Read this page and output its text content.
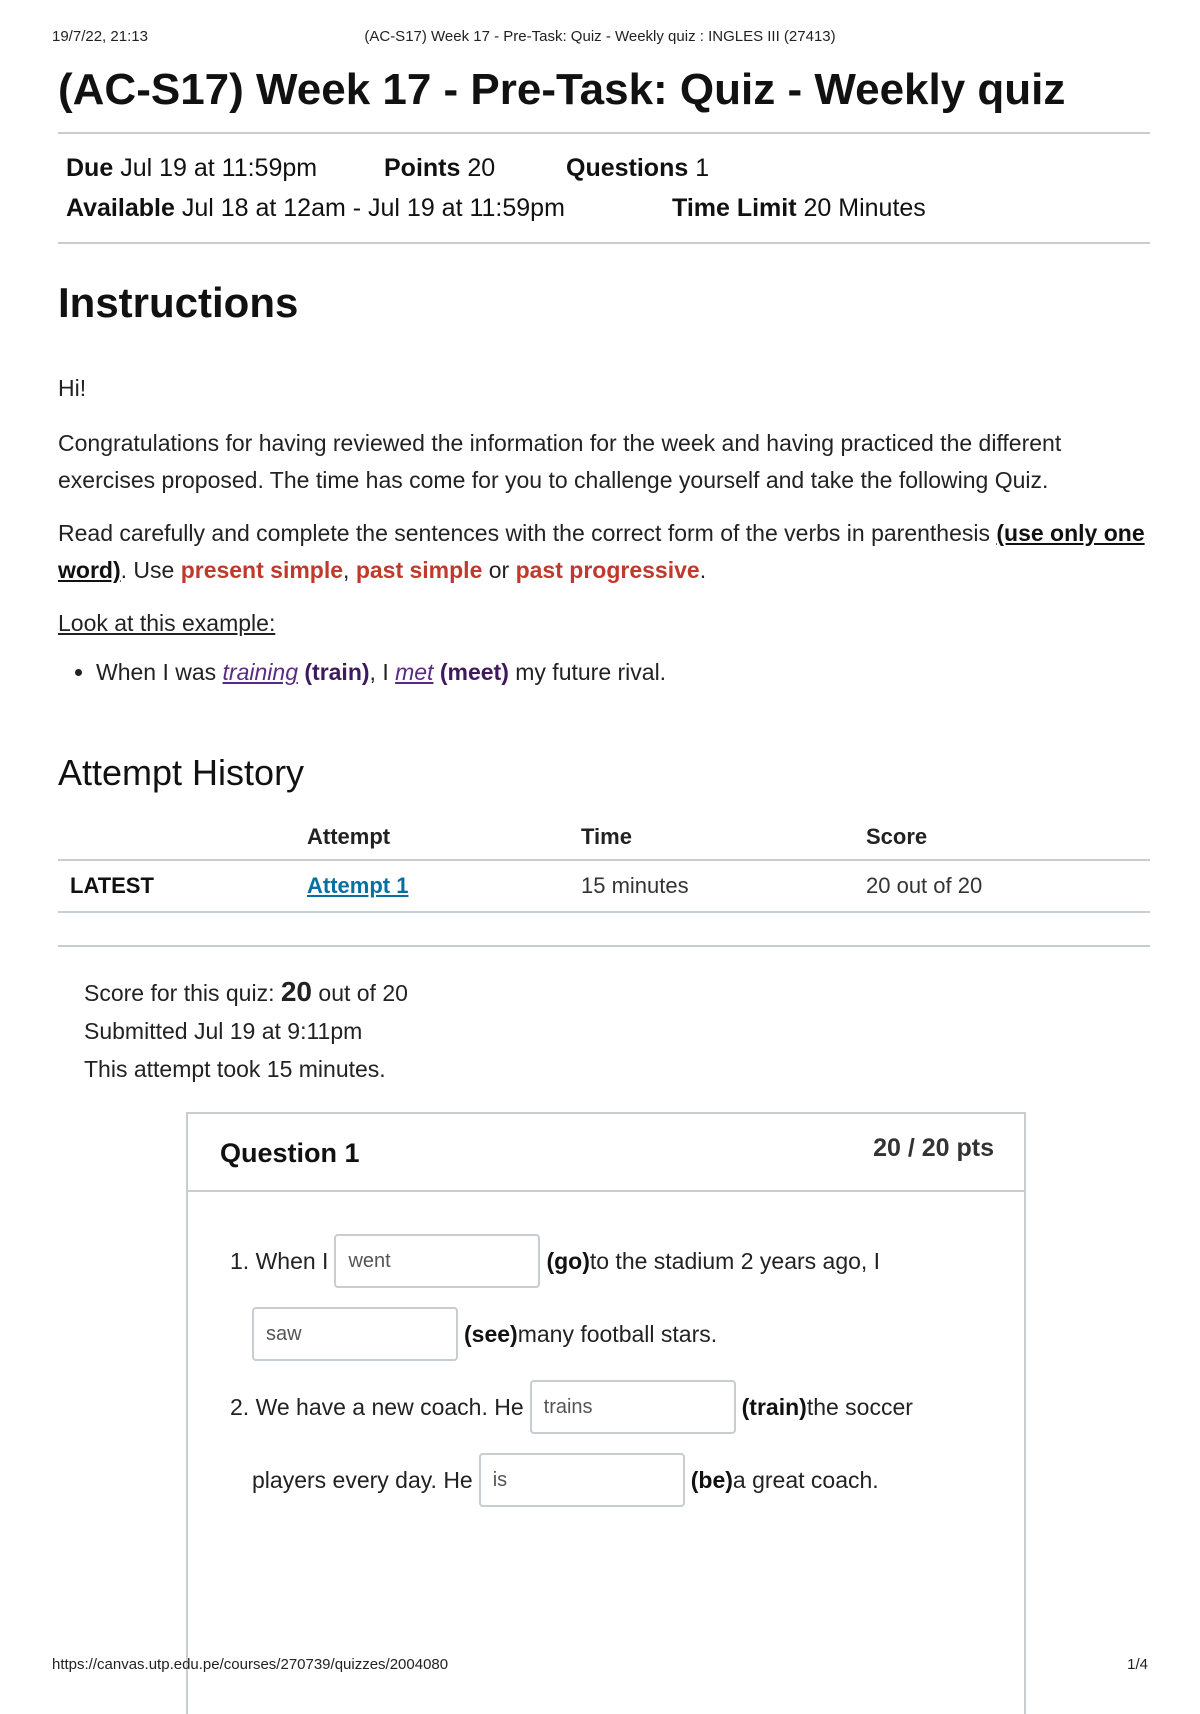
19/7/22, 21:13	(AC-S17) Week 17 - Pre-Task: Quiz - Weekly quiz : INGLES III (27413)
(AC-S17) Week 17 - Pre-Task: Quiz - Weekly quiz
Due Jul 19 at 11:59pm	Points 20	Questions 1
Available Jul 18 at 12am - Jul 19 at 11:59pm	Time Limit 20 Minutes
Instructions

Hi!

Congratulations for having reviewed the information for the week and having practiced the different exercises proposed. The time has come for you to challenge yourself and take the following Quiz.

Read carefully and complete the sentences with the correct form of the verbs in parenthesis (use only one word). Use present simple, past simple or past progressive.

Look at this example:

• When I was training (train), I met (meet) my future rival.
Attempt History
	Attempt	Time	Score
LATEST	Attempt 1	15 minutes	20 out of 20
Score for this quiz: 20 out of 20
Submitted Jul 19 at 9:11pm
This attempt took 15 minutes.
Question 1	20 / 20 pts
1. When I	went	(go) to the stadium 2 years ago, I
saw	(see) many football stars.
2. We have a new coach. He	trains	(train) the soccer
players every day. He	is	(be) a great coach.
https://canvas.utp.edu.pe/courses/270739/quizzes/2004080	1/4
